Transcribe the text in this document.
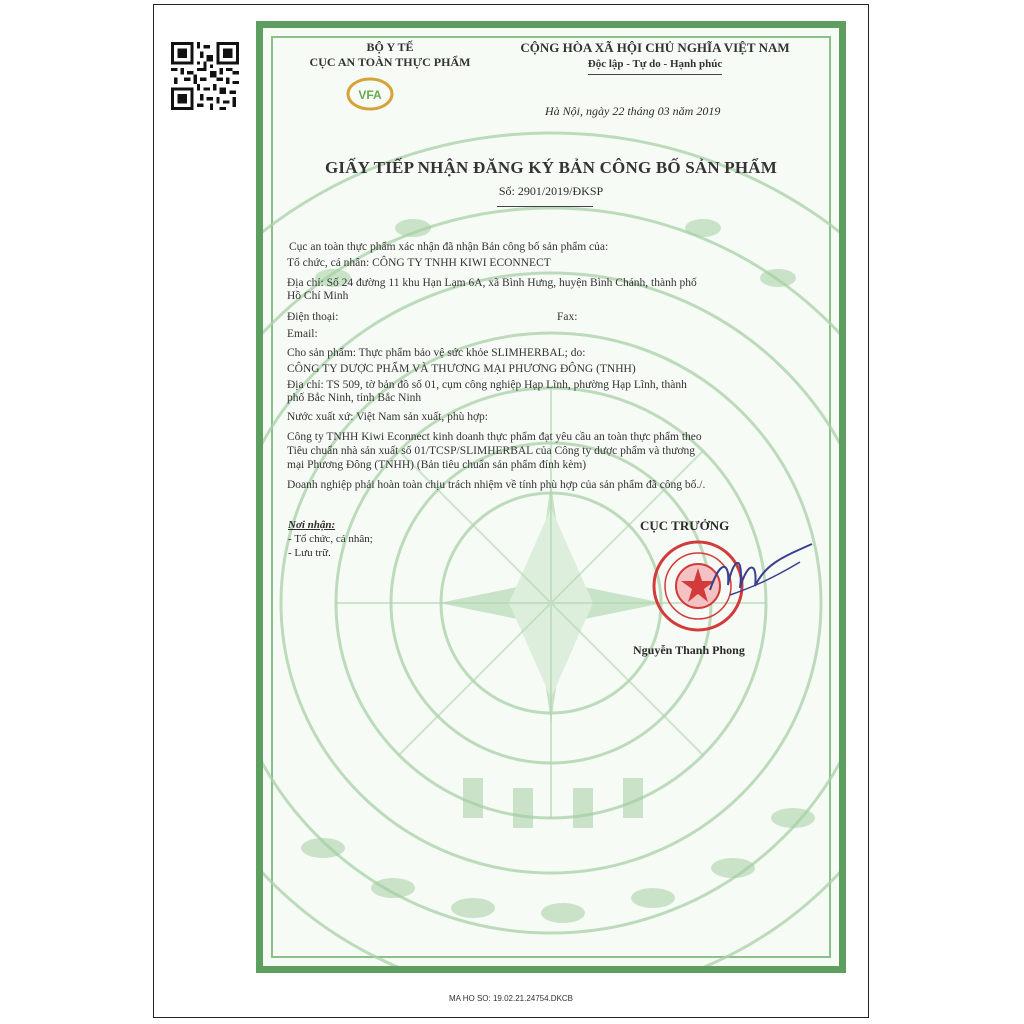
VFA
BỘ Y TẾ
CỤC AN TOÀN THỰC PHẨM
CỘNG HÒA XÃ HỘI CHỦ NGHĨA VIỆT NAM
Độc lập - Tự do - Hạnh phúc
Hà Nội, ngày 22 tháng 03 năm 2019
GIẤY TIẾP NHẬN ĐĂNG KÝ BẢN CÔNG BỐ SẢN PHẨM
Số: 2901/2019/ĐKSP
Cục an toàn thực phẩm xác nhận đã nhận Bản công bố sản phẩm của:
Tổ chức, cá nhân: CÔNG TY TNHH KIWI ECONNECT
Địa chỉ: Số 24 đường 11 khu Hạn Lạm 6A, xã Bình Hưng, huyện Bình Chánh, thành phố
Hồ Chí Minh
Điện thoại:	Fax:
Email:
Cho sản phẩm: Thực phẩm bảo vệ sức khỏe SLIMHERBAL; do:
CÔNG TY DƯỢC PHẨM VÀ THƯƠNG MẠI PHƯƠNG ĐÔNG (TNHH)
Địa chỉ: TS 509, tờ bản đồ số 01, cụm công nghiệp Hạp Lĩnh, phường Hạp Lĩnh, thành
phố Bắc Ninh, tỉnh Bắc Ninh
Nước xuất xứ: Việt Nam sản xuất, phù hợp:
Công ty TNHH Kiwi Econnect kinh doanh thực phẩm đạt yêu cầu an toàn thực phẩm theo
Tiêu chuẩn nhà sản xuất số 01/TCSP/SLIMHERBAL của Công ty dược phẩm và thương
mại Phương Đông (TNHH) (Bản tiêu chuẩn sản phẩm đính kèm)
Doanh nghiệp phải hoàn toàn chịu trách nhiệm về tính phù hợp của sản phẩm đã công bố./.
Nơi nhận:
- Tổ chức, cá nhân;
- Lưu trữ.
CỤC TRƯỞNG
Nguyễn Thanh Phong
MA HO SO: 19.02.21.24754.DKCB
